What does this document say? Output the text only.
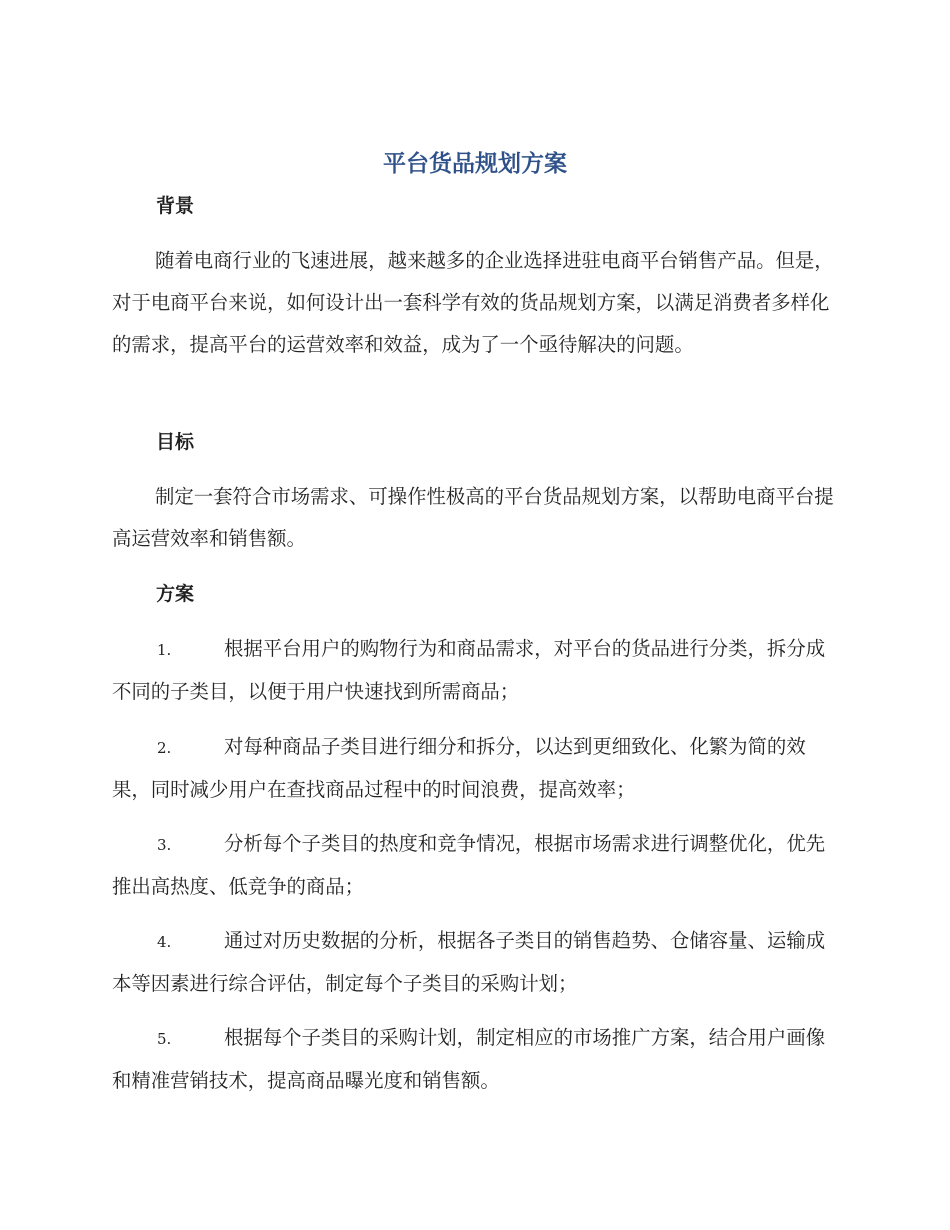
平台货品规划方案
背景

随着电商行业的飞速进展，越来越多的企业选择进驻电商平台销售产品。但是，对于电商平台来说，如何设计出一套科学有效的货品规划方案，以满足消费者多样化的需求，提高平台的运营效率和效益，成为了一个亟待解决的问题。

目标

制定一套符合市场需求、可操作性极高的平台货品规划方案，以帮助电商平台提高运营效率和销售额。

方案

1.	根据平台用户的购物行为和商品需求，对平台的货品进行分类，拆分成不同的子类目，以便于用户快速找到所需商品；

2.	对每种商品子类目进行细分和拆分，以达到更细致化、化繁为简的效果，同时减少用户在查找商品过程中的时间浪费，提高效率；

3.	分析每个子类目的热度和竞争情况，根据市场需求进行调整优化，优先推出高热度、低竞争的商品；

4.	通过对历史数据的分析，根据各子类目的销售趋势、仓储容量、运输成本等因素进行综合评估，制定每个子类目的采购计划；

5.	根据每个子类目的采购计划，制定相应的市场推广方案，结合用户画像和精准营销技术，提高商品曝光度和销售额。
